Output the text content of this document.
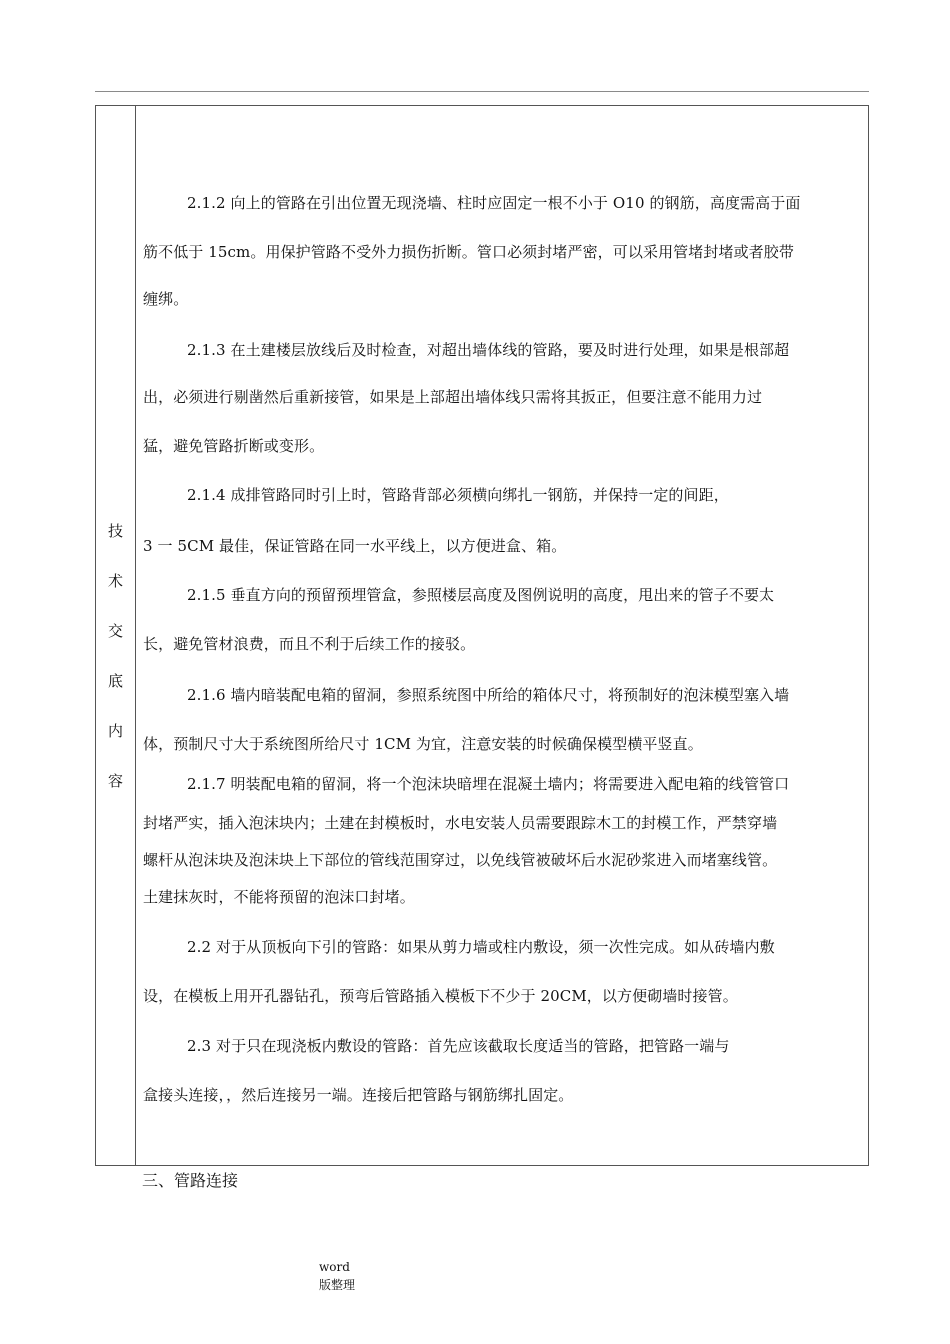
技
术
交
底
内
容
2.1.2 向上的管路在引出位置无现浇墙、柱时应固定一根不小于 Ο10 的钢筋，高度需高于面
筋不低于 15cm。用保护管路不受外力损伤折断。管口必须封堵严密，可以采用管堵封堵或者胶带
缠绑。
2.1.3 在土建楼层放线后及时检查，对超出墙体线的管路，要及时进行处理，如果是根部超
出，必须进行剔凿然后重新接管，如果是上部超出墙体线只需将其扳正，但要注意不能用力过
猛，避免管路折断或变形。
2.1.4 成排管路同时引上时，管路背部必须横向绑扎一钢筋，并保持一定的间距，
3 一 5CM 最佳，保证管路在同一水平线上，以方便进盒、箱。
2.1.5 垂直方向的预留预埋管盒，参照楼层高度及图例说明的高度，甩出来的管子不要太
长，避免管材浪费，而且不利于后续工作的接驳。
2.1.6 墙内暗装配电箱的留洞，参照系统图中所给的箱体尺寸，将预制好的泡沫模型塞入墙
体，预制尺寸大于系统图所给尺寸 1CM 为宜，注意安装的时候确保模型横平竖直。
2.1.7 明装配电箱的留洞，将一个泡沫块暗埋在混凝土墙内；将需要进入配电箱的线管管口
封堵严实，插入泡沫块内；土建在封模板时，水电安装人员需要跟踪木工的封模工作，严禁穿墙
螺杆从泡沫块及泡沫块上下部位的管线范围穿过，以免线管被破坏后水泥砂浆进入而堵塞线管。
土建抹灰时，不能将预留的泡沫口封堵。
2.2 对于从顶板向下引的管路：如果从剪力墙或柱内敷设，须一次性完成。如从砖墙内敷
设，在模板上用开孔器钻孔，预弯后管路插入模板下不少于 20CM，以方便砌墙时接管。
2.3 对于只在现浇板内敷设的管路：首先应该截取长度适当的管路，把管路一端与
盒接头连接，，然后连接另一端。连接后把管路与钢筋绑扎固定。
三、管路连接
word
版整理
